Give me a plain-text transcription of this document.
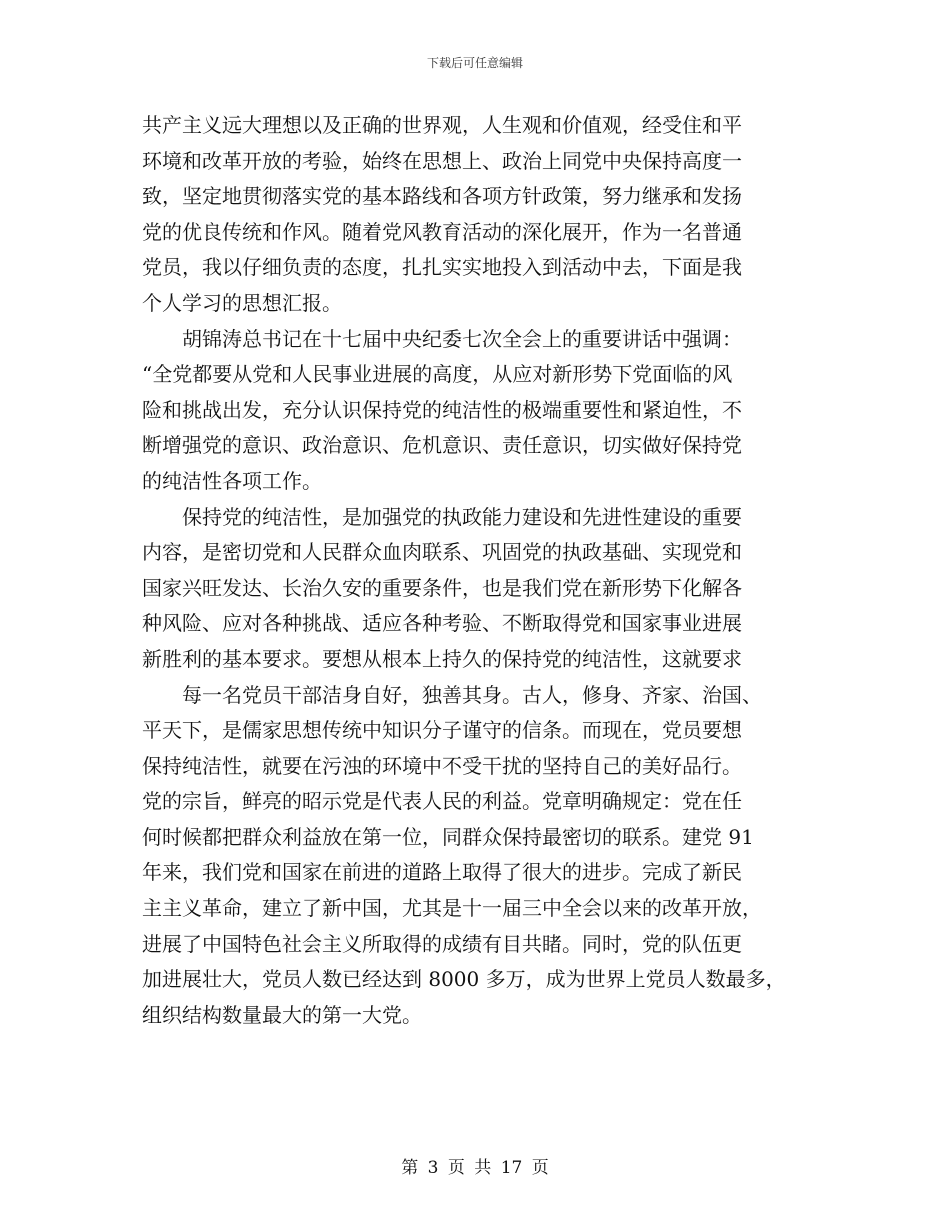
下载后可任意编辑
共产主义远大理想以及正确的世界观，人生观和价值观，经受住和平
环境和改革开放的考验，始终在思想上、政治上同党中央保持高度一
致，坚定地贯彻落实党的基本路线和各项方针政策，努力继承和发扬
党的优良传统和作风。随着党风教育活动的深化展开，作为一名普通
党员，我以仔细负责的态度，扎扎实实地投入到活动中去，下面是我
个人学习的思想汇报。
　　胡锦涛总书记在十七届中央纪委七次全会上的重要讲话中强调：
“全党都要从党和人民事业进展的高度，从应对新形势下党面临的风
险和挑战出发，充分认识保持党的纯洁性的极端重要性和紧迫性，不
断增强党的意识、政治意识、危机意识、责任意识，切实做好保持党
的纯洁性各项工作。
　　保持党的纯洁性，是加强党的执政能力建设和先进性建设的重要
内容，是密切党和人民群众血肉联系、巩固党的执政基础、实现党和
国家兴旺发达、长治久安的重要条件，也是我们党在新形势下化解各
种风险、应对各种挑战、适应各种考验、不断取得党和国家事业进展
新胜利的基本要求。要想从根本上持久的保持党的纯洁性，这就要求
　　每一名党员干部洁身自好，独善其身。古人，修身、齐家、治国、
平天下，是儒家思想传统中知识分子谨守的信条。而现在，党员要想
保持纯洁性，就要在污浊的环境中不受干扰的坚持自己的美好品行。
党的宗旨，鲜亮的昭示党是代表人民的利益。党章明确规定：党在任
何时候都把群众利益放在第一位，同群众保持最密切的联系。建党 91
年来，我们党和国家在前进的道路上取得了很大的进步。完成了新民
主主义革命，建立了新中国，尤其是十一届三中全会以来的改革开放，
进展了中国特色社会主义所取得的成绩有目共睹。同时，党的队伍更
加进展壮大，党员人数已经达到 8000 多万，成为世界上党员人数最多，
组织结构数量最大的第一大党。
第 3 页 共 17 页
